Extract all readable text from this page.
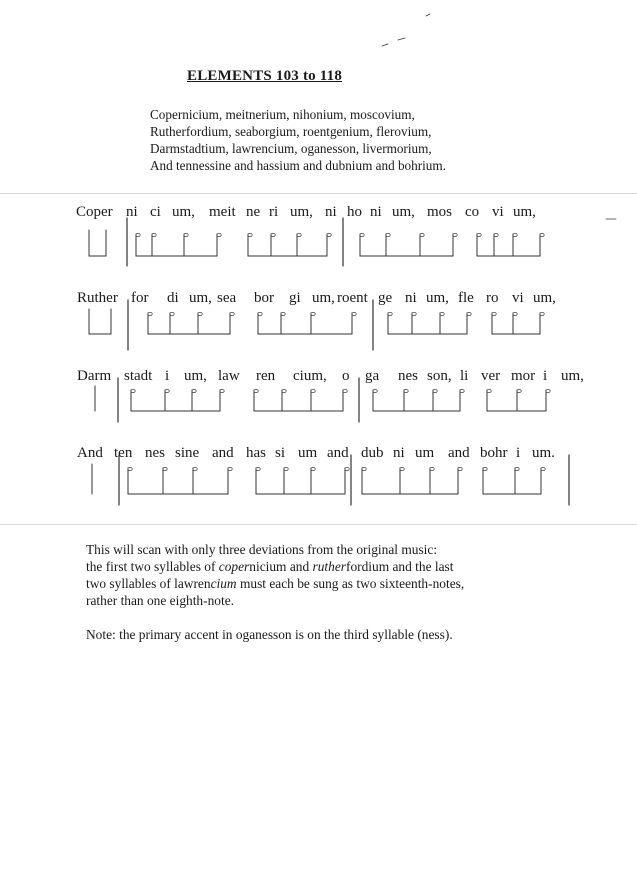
ELEMENTS 103 to 118
Copernicium, meitnerium, nihonium, moscovium,
Rutherfordium, seaborgium, roentgenium, flerovium,
Darmstadtium, lawrencium, oganesson, livermorium,
And tennessine and hassium and dubnium and bohrium.
Coper ni ci um, meit ne ri um, ni ho ni um, mos co vi um,
Ruther for di um, sea bor gi um, roent ge ni um, fle ro vi um,
Darm stadt i um, law ren cium, o ga nes son, li ver mor i um,
And ten nes sine and has si um and dub ni um and bohr i um.
This will scan with only three deviations from the original music:
the first two syllables of copernicium and rutherfordium and the last
two syllables of lawrencium must each be sung as two sixteenth-notes,
rather than one eighth-note.
Note: the primary accent in oganesson is on the third syllable (ness).
